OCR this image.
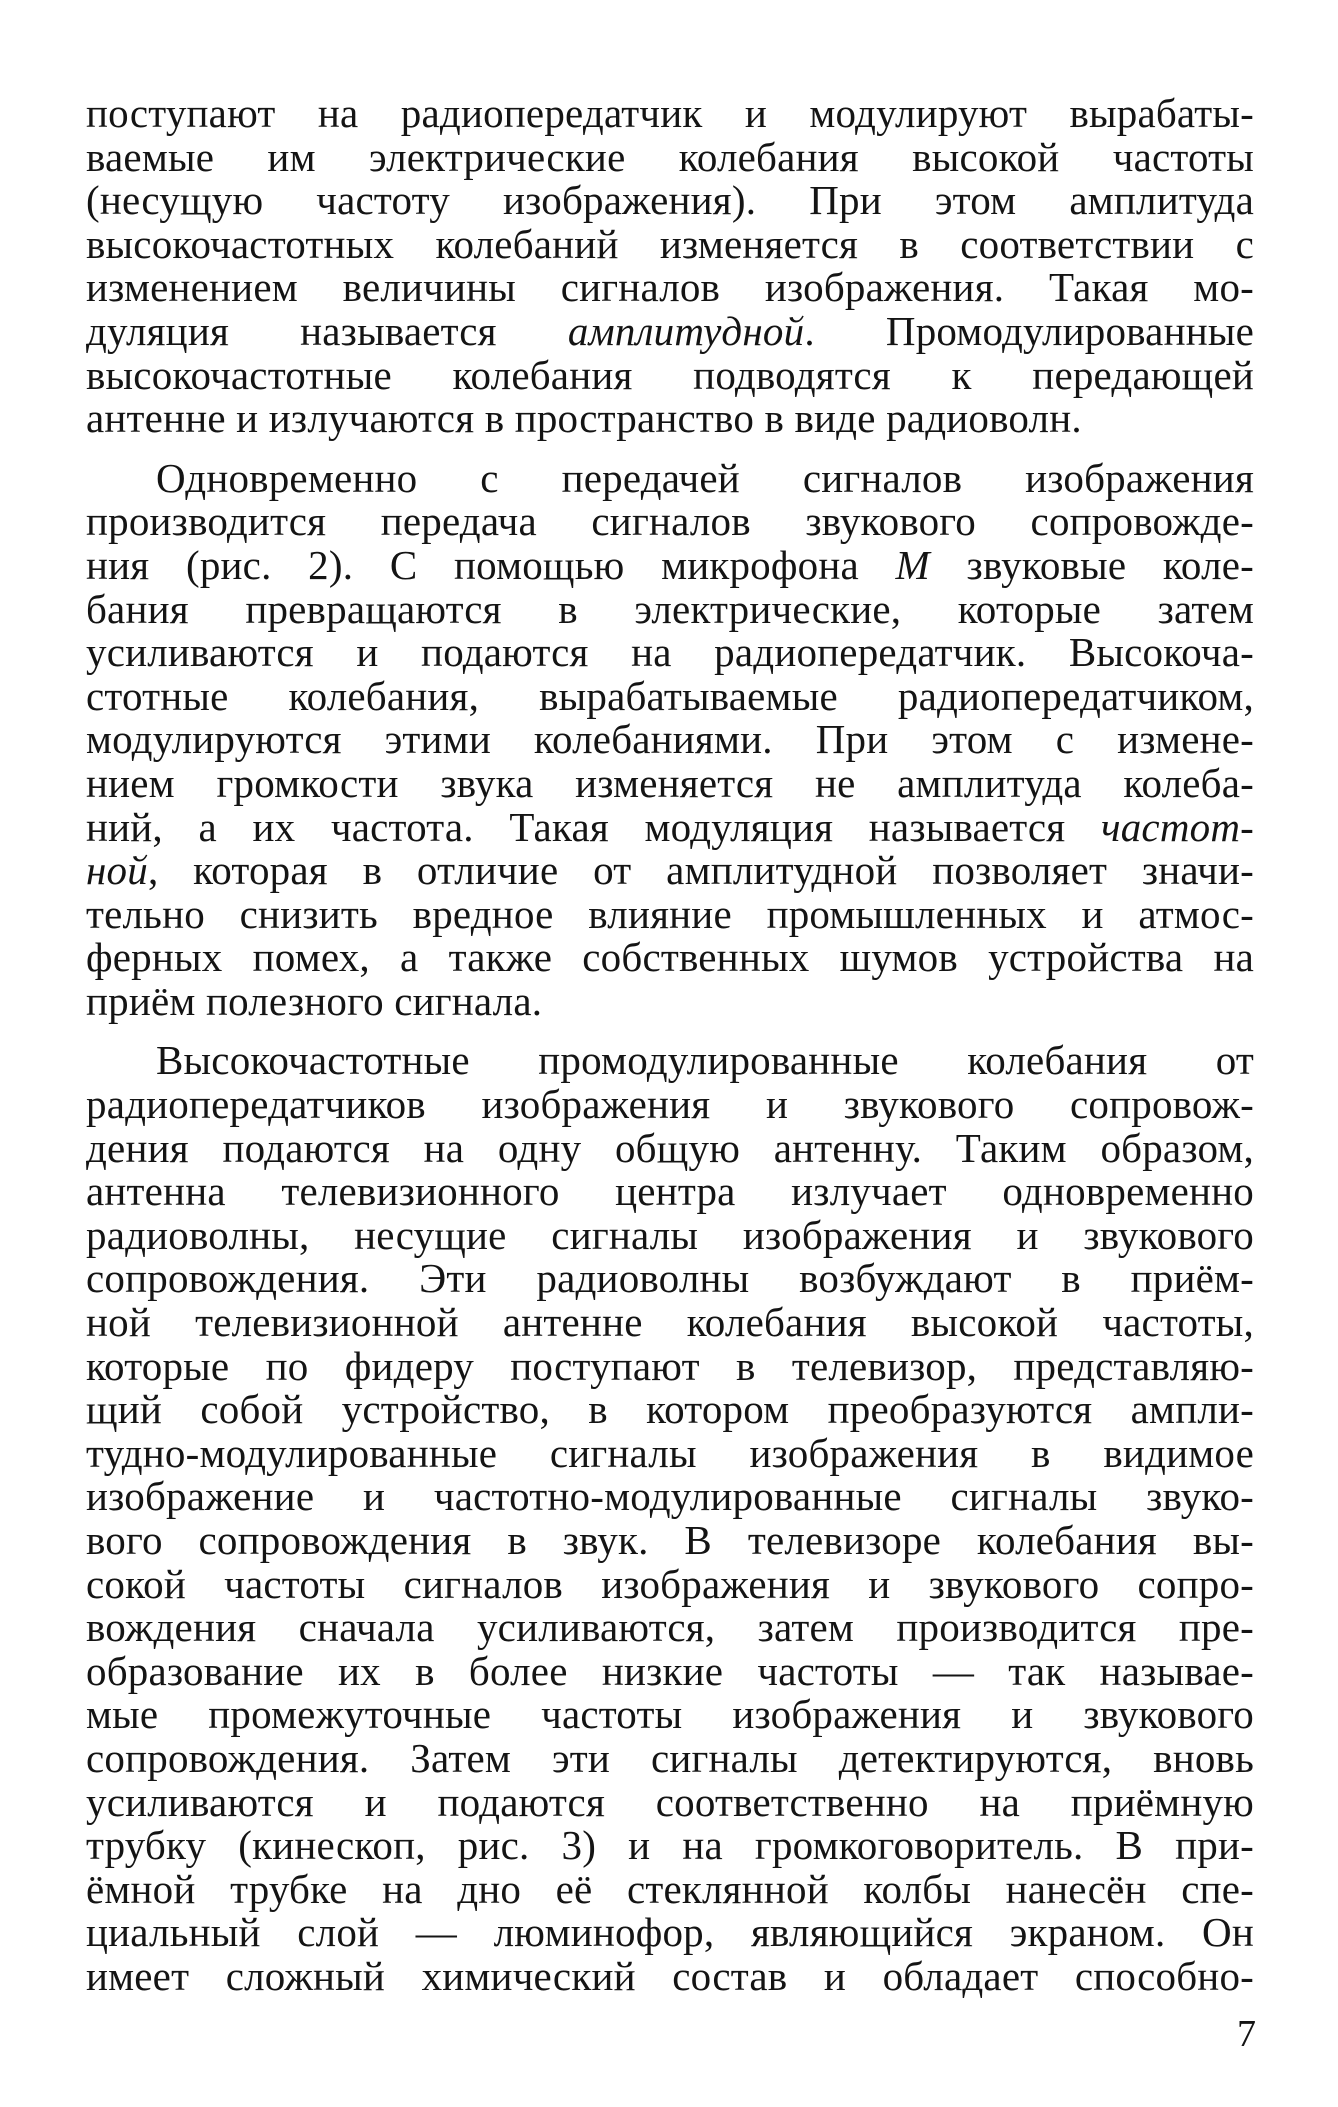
поступают на радиопередатчик и модулируют вырабаты-
ваемые им электрические колебания высокой частоты
(несущую частоту изображения). При этом амплитуда
высокочастотных колебаний изменяется в соответствии с
изменением величины сигналов изображения. Такая мо-
дуляция называется амплитудной. Промодулированные
высокочастотные колебания подводятся к передающей
антенне и излучаются в пространство в виде радиоволн.
Одновременно с передачей сигналов изображения
производится передача сигналов звукового сопровожде-
ния (рис. 2). С помощью микрофона М звуковые коле-
бания превращаются в электрические, которые затем
усиливаются и подаются на радиопередатчик. Высокоча-
стотные колебания, вырабатываемые радиопередатчиком,
модулируются этими колебаниями. При этом с измене-
нием громкости звука изменяется не амплитуда колеба-
ний, а их частота. Такая модуляция называется частот-
ной, которая в отличие от амплитудной позволяет значи-
тельно снизить вредное влияние промышленных и атмос-
ферных помех, а также собственных шумов устройства на
приём полезного сигнала.
Высокочастотные промодулированные колебания от
радиопередатчиков изображения и звукового сопровож-
дения подаются на одну общую антенну. Таким образом,
антенна телевизионного центра излучает одновременно
радиоволны, несущие сигналы изображения и звукового
сопровождения. Эти радиоволны возбуждают в приём-
ной телевизионной антенне колебания высокой частоты,
которые по фидеру поступают в телевизор, представляю-
щий собой устройство, в котором преобразуются ампли-
тудно-модулированные сигналы изображения в видимое
изображение и частотно-модулированные сигналы звуко-
вого сопровождения в звук. В телевизоре колебания вы-
сокой частоты сигналов изображения и звукового сопро-
вождения сначала усиливаются, затем производится пре-
образование их в более низкие частоты — так называе-
мые промежуточные частоты изображения и звукового
сопровождения. Затем эти сигналы детектируются, вновь
усиливаются и подаются соответственно на приёмную
трубку (кинескоп, рис. 3) и на громкоговоритель. В при-
ёмной трубке на дно её стеклянной колбы нанесён спе-
циальный слой — люминофор, являющийся экраном. Он
имеет сложный химический состав и обладает способно-
7
